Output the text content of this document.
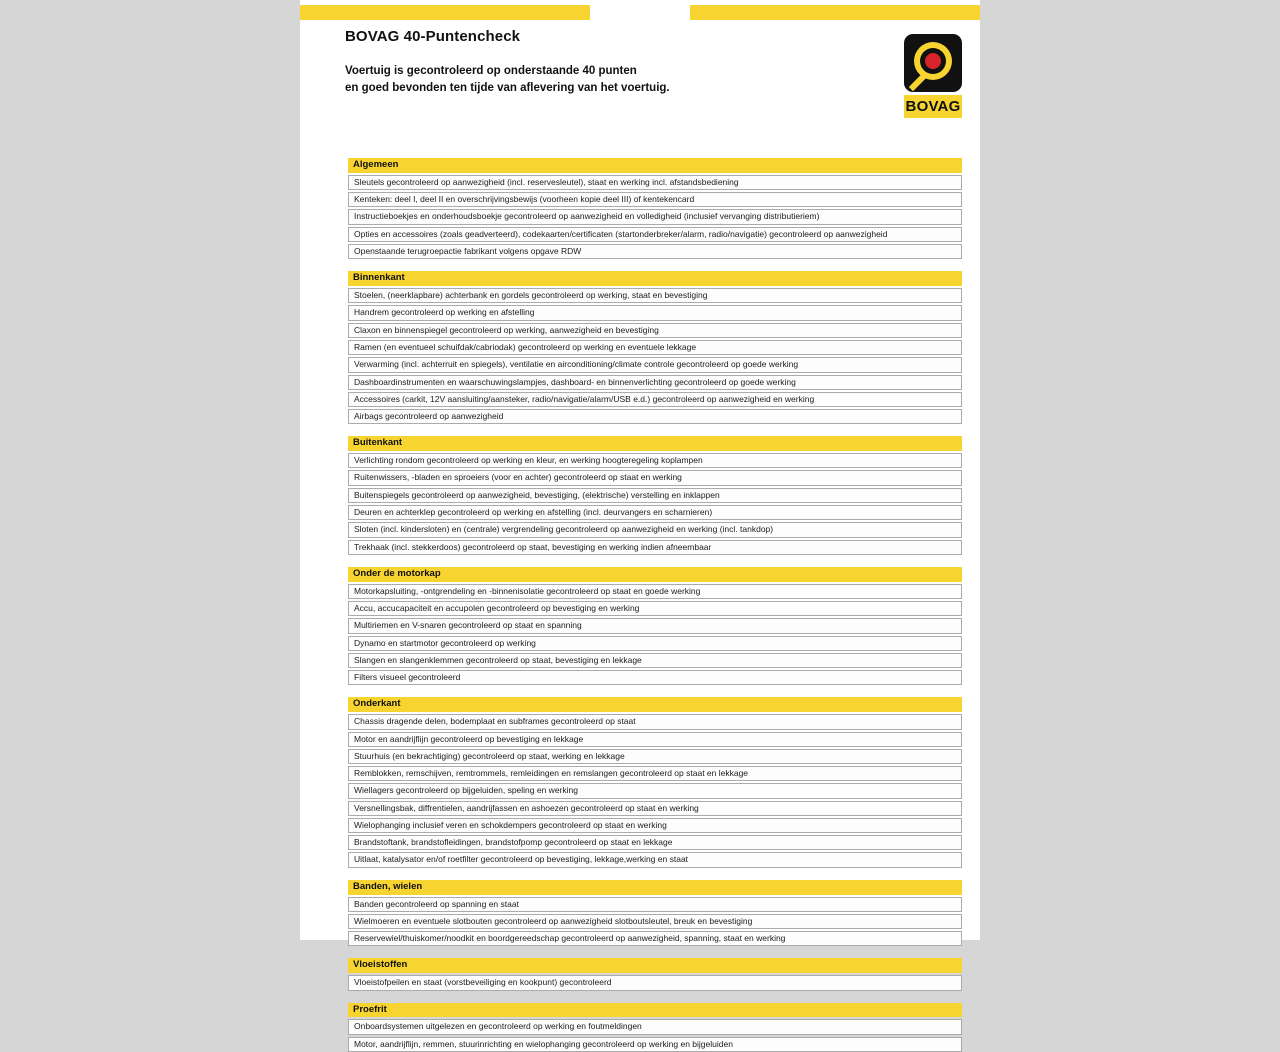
BOVAG 40-Puntencheck

Voertuig is gecontroleerd op onderstaande 40 punten
en goed bevonden ten tijde van aflevering van het voertuig.

BOVAG
Algemeen
Sleutels gecontroleerd op aanwezigheid (incl. reservesleutel), staat en werking incl. afstandsbediening
Kenteken: deel I, deel II en overschrijvingsbewijs (voorheen kopie deel III) of kentekencard
Instructieboekjes en onderhoudsboekje gecontroleerd op aanwezigheid en volledigheid (inclusief vervanging distributieriem)
Opties en accessoires (zoals geadverteerd), codekaarten/certificaten (startonderbreker/alarm, radio/navigatie) gecontroleerd op aanwezigheid
Openstaande terugroepactie fabrikant volgens opgave RDW
Binnenkant
Stoelen, (neerklapbare) achterbank en gordels gecontroleerd op werking, staat en bevestiging
Handrem gecontroleerd op werking en afstelling
Claxon en binnenspiegel gecontroleerd op werking, aanwezigheid en bevestiging
Ramen (en eventueel schuifdak/cabriodak) gecontroleerd op werking en eventuele lekkage
Verwarming (incl. achterruit en spiegels), ventilatie en airconditioning/climate controle gecontroleerd op goede werking
Dashboardinstrumenten en waarschuwingslampjes, dashboard- en binnenverlichting gecontroleerd op goede werking
Accessoires (carkit, 12V aansluiting/aansteker, radio/navigatie/alarm/USB e.d.) gecontroleerd op aanwezigheid en werking
Airbags gecontroleerd op aanwezigheid
Buitenkant
Verlichting rondom gecontroleerd op werking en kleur, en werking hoogteregeling koplampen
Ruitenwissers, -bladen en sproeiers (voor en achter) gecontroleerd op staat en werking
Buitenspiegels gecontroleerd op aanwezigheid, bevestiging, (elektrische) verstelling en inklappen
Deuren en achterklep gecontroleerd op werking en afstelling (incl. deurvangers en scharnieren)
Sloten (incl. kindersloten) en (centrale) vergrendeling gecontroleerd op aanwezigheid en werking (incl. tankdop)
Trekhaak (incl. stekkerdoos) gecontroleerd op staat, bevestiging en werking indien afneembaar
Onder de motorkap
Motorkapsluiting, -ontgrendeling en -binnenisolatie gecontroleerd op staat en goede werking
Accu, accucapaciteit en accupolen gecontroleerd op bevestiging en werking
Multiriemen en V-snaren gecontroleerd op staat en spanning
Dynamo en startmotor gecontroleerd op werking
Slangen en slangenklemmen gecontroleerd op staat, bevestiging en lekkage
Filters visueel gecontroleerd
Onderkant
Chassis dragende delen, bodemplaat en subframes gecontroleerd op staat
Motor en aandrijflijn gecontroleerd op bevestiging en lekkage
Stuurhuis (en bekrachtiging) gecontroleerd op staat, werking en lekkage
Remblokken, remschijven, remtrommels, remleidingen en remslangen gecontroleerd op staat en lekkage
Wiellagers gecontroleerd op bijgeluiden, speling en werking
Versnellingsbak, diffrentielen, aandrijfassen en ashoezen gecontroleerd op staat en werking
Wielophanging inclusief veren en schokdempers gecontroleerd op staat en werking
Brandstoftank, brandstofleidingen, brandstofpomp gecontroleerd op staat en lekkage
Uitlaat, katalysator en/of roetfilter gecontroleerd op bevestiging, lekkage,werking en staat
Banden, wielen
Banden gecontroleerd op spanning en staat
Wielmoeren en eventuele slotbouten gecontroleerd op aanwezigheid slotboutsleutel, breuk en bevestiging
Reservewiel/thuiskomer/noodkit en boordgereedschap gecontroleerd op aanwezigheid, spanning, staat en werking
Vloeistoffen
Vloeistofpeilen en staat (vorstbeveiliging en kookpunt) gecontroleerd
Proefrit
Onboardsystemen uitgelezen en gecontroleerd op werking en foutmeldingen
Motor, aandrijflijn, remmen, stuurinrichting en wielophanging gecontroleerd op werking en bijgeluiden
